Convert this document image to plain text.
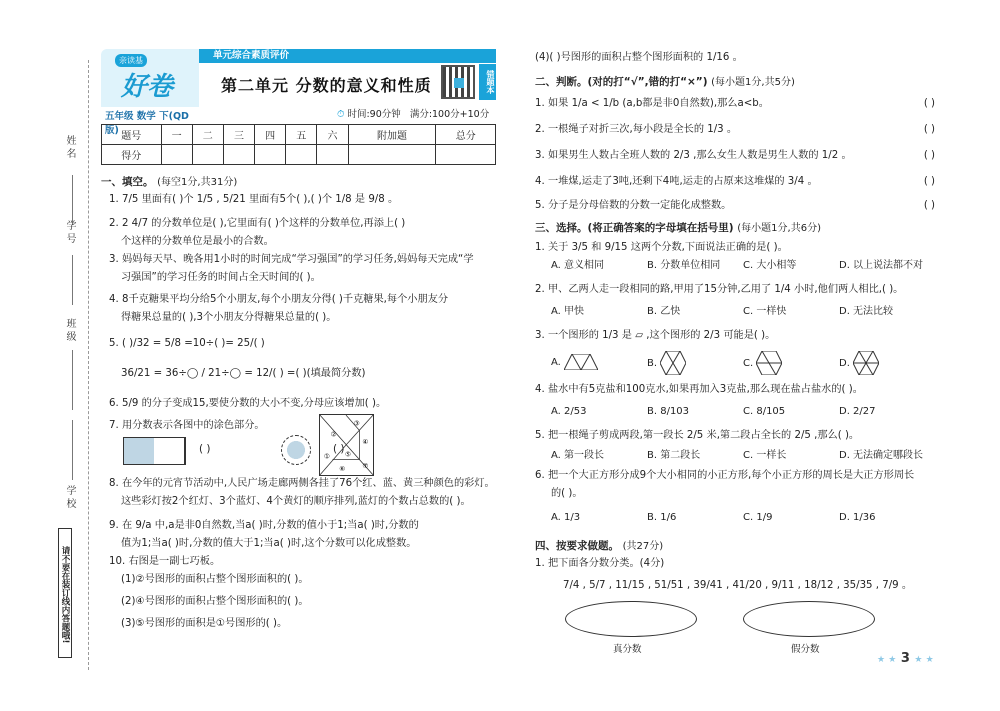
姓名
学号
班级
学校
请不要在装订线内答题哦!
亲读基
好卷
五年级 数学 下(QD版)
单元综合素质评价
第二单元 分数的意义和性质	错题本
⏱ 时间:90分钟 满分:100分+10分
题号	一	二	三	四	五	六	附加题	总分
得分								
一、填空。 (每空1分,共31分)
1. 7/5 里面有( )个 1/5 , 5/21 里面有5个( ),( )个 1/8 是 9/8 。
2. 2 4/7 的分数单位是( ),它里面有( )个这样的分数单位,再添上( )
个这样的分数单位是最小的合数。
3. 妈妈每天早、晚各用1小时的时间完成“学习强国”的学习任务,妈妈每天完成“学
习强国”的学习任务的时间占全天时间的( )。
4. 8千克糖果平均分给5个小朋友,每个小朋友分得( )千克糖果,每个小朋友分
得糖果总量的( ),3个小朋友分得糖果总量的( )。
5. ( )/32 = 5/8 =10÷( )= 25/( )
36/21 = 36÷◯ / 21÷◯ = 12/( ) =( )(填最简分数)
6. 5/9 的分子变成15,要使分数的大小不变,分母应该增加( )。
7. 用分数表示各图中的涂色部分。
( )	( )
8. 在今年的元宵节活动中,人民广场走廊两侧各挂了76个红、蓝、黄三种颜色的彩灯。
这些彩灯按2个红灯、3个蓝灯、4个黄灯的顺序排列,蓝灯的个数占总数的( )。
9. 在 9/a 中,a是非0自然数,当a( )时,分数的值小于1;当a( )时,分数的
值为1;当a( )时,分数的值大于1;当a( )时,这个分数可以化成整数。
10. 右图是一副七巧板。
(1)②号图形的面积占整个图形面积的( )。
(2)④号图形的面积占整个图形面积的( )。
(3)⑤号图形的面积是①号图形的( )。
②
③
① ⑤
④
⑥ ⑦
(4)( )号图形的面积占整个图形面积的 1/16 。
二、判断。(对的打“√”,错的打“×”) (每小题1分,共5分)
1. 如果 1/a < 1/b (a,b都是非0自然数),那么a<b。	( )
2. 一根绳子对折三次,每小段是全长的 1/3 。	( )
3. 如果男生人数占全班人数的 2/3 ,那么女生人数是男生人数的 1/2 。	( )
4. 一堆煤,运走了3吨,还剩下4吨,运走的占原来这堆煤的 3/4 。	( )
5. 分子是分母倍数的分数一定能化成整数。	( )
三、选择。(将正确答案的字母填在括号里) (每小题1分,共6分)
1. 关于 3/5 和 9/15 这两个分数,下面说法正确的是( )。
A. 意义相同	B. 分数单位相同	C. 大小相等	D. 以上说法都不对
2. 甲、乙两人走一段相同的路,甲用了15分钟,乙用了 1/4 小时,他们两人相比,( )。
A. 甲快	B. 乙快	C. 一样快	D. 无法比较
3. 一个图形的 1/3 是 ▱ ,这个图形的 2/3 可能是( )。
A.	B.	C.	D.
4. 盐水中有5克盐和100克水,如果再加入3克盐,那么现在盐占盐水的( )。
A. 2/53	B. 8/103	C. 8/105	D. 2/27
5. 把一根绳子剪成两段,第一段长 2/5 米,第二段占全长的 2/5 ,那么( )。
A. 第一段长	B. 第二段长	C. 一样长	D. 无法确定哪段长
6. 把一个大正方形分成9个大小相同的小正方形,每个小正方形的周长是大正方形周长
的( )。
A. 1/3	B. 1/6	C. 1/9	D. 1/36
四、按要求做题。 (共27分)
1. 把下面各分数分类。(4分)
7/4 , 5/7 , 11/15 , 51/51 , 39/41 , 41/20 , 9/11 , 18/12 , 35/35 , 7/9 。
真分数	假分数
★ ★ 3 ★ ★
